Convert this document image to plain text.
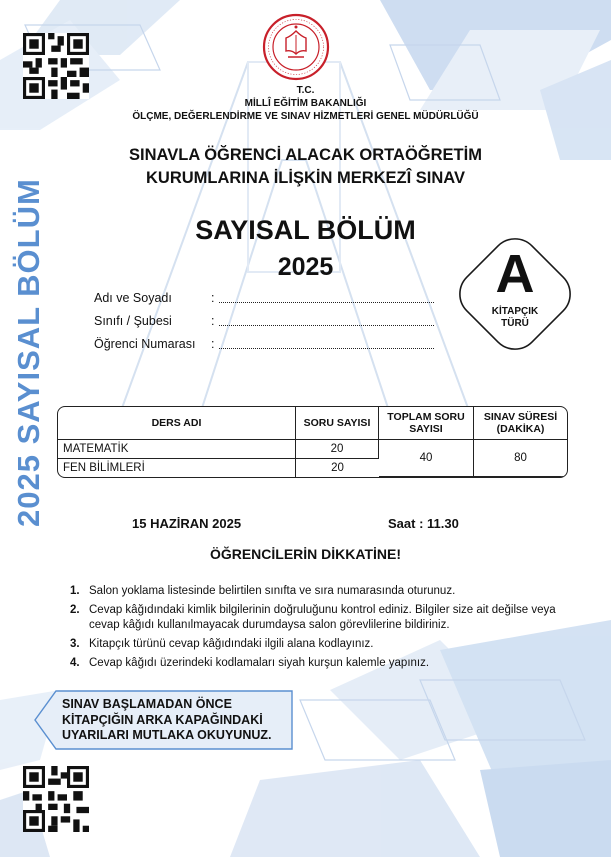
T.C.
MİLLÎ EĞİTİM BAKANLIĞI
ÖLÇME, DEĞERLENDİRME VE SINAV HİZMETLERİ GENEL MÜDÜRLÜĞÜ
SINAVLA ÖĞRENCİ ALACAK ORTAÖĞRETİM
KURUMLARINA İLİŞKİN MERKEZÎ SINAV
SAYISAL BÖLÜM
2025
2025 SAYISAL BÖLÜM	A
KİTAPÇIK
TÜRÜ
Adı ve Soyadı	:
Sınıfı / Şubesi	:
Öğrenci Numarası :
DERS ADI	SORU SAYISI	TOPLAM SORU SAYISI	SINAV SÜRESİ (DAKİKA)
MATEMATİK	20	40	80
FEN BİLİMLERİ	20		
15 HAZİRAN 2025	Saat : 11.30
ÖĞRENCİLERİN DİKKATİNE!
1. Salon yoklama listesinde belirtilen sınıfta ve sıra numarasında oturunuz.
2. Cevap kâğıdındaki kimlik bilgilerinin doğruluğunu kontrol ediniz. Bilgiler size ait değilse veya cevap kâğıdı kullanılmayacak durumdaysa salon görevlilerine bildiriniz.
3. Kitapçık türünü cevap kâğıdındaki ilgili alana kodlayınız.
4. Cevap kâğıdı üzerindeki kodlamaları siyah kurşun kalemle yapınız.
SINAV BAŞLAMADAN ÖNCE
KİTAPÇIĞIN ARKA KAPAĞINDAKİ
UYARILARI MUTLAKA OKUYUNUZ.
